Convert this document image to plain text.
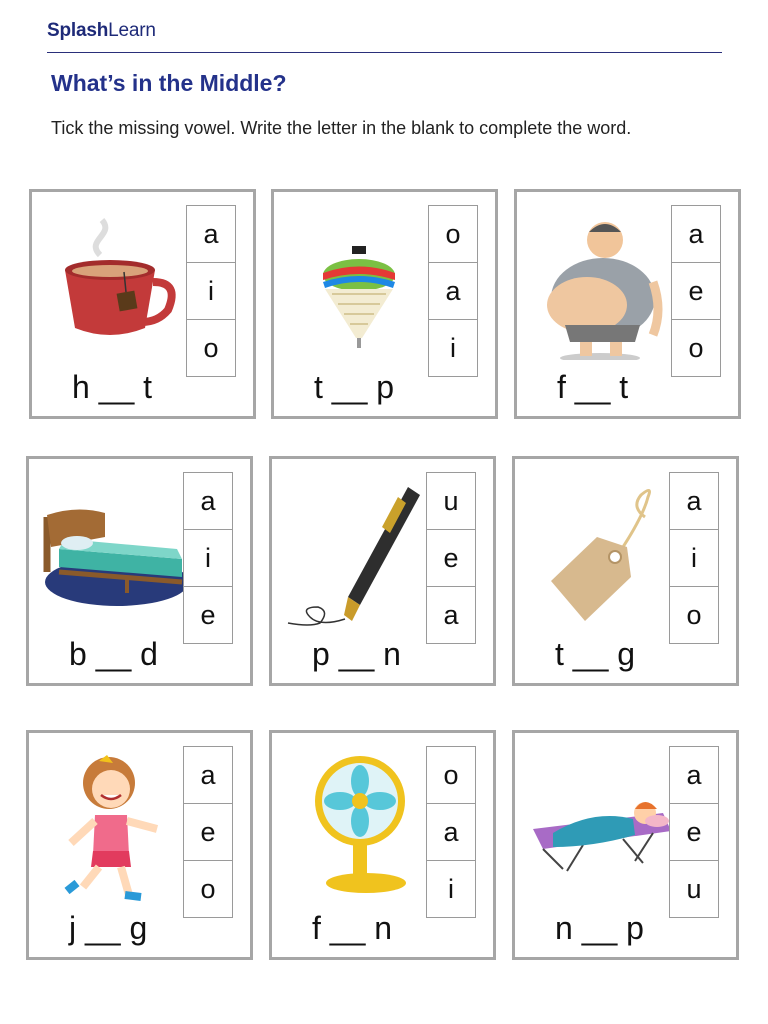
SplashLearn
What’s in the Middle?
Tick the missing vowel. Write the letter in the blank to complete the word.
a
i
o
h __ t
o
a
i
t __ p
a
e
o
f __ t
a
i
e
b __ d
u
e
a
p __ n
a
i
o
t __ g
a
e
o
j __ g
o
a
i
f __ n
a
e
u
n __ p
